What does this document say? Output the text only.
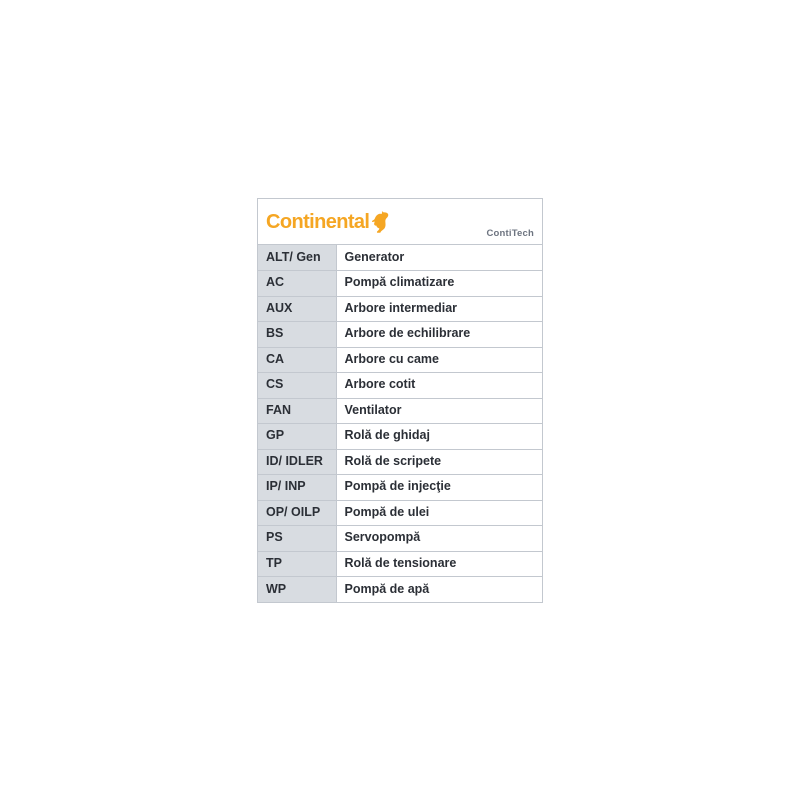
Continental
ContiTech
ALT/ Gen	Generator
AC	Pompă climatizare
AUX	Arbore intermediar
BS	Arbore de echilibrare
CA	Arbore cu came
CS	Arbore cotit
FAN	Ventilator
GP	Rolă de ghidaj
ID/ IDLER	Rolă de scripete
IP/ INP	Pompă de injecţie
OP/ OILP	Pompă de ulei
PS	Servopompă
TP	Rolă de tensionare
WP	Pompă de apă
